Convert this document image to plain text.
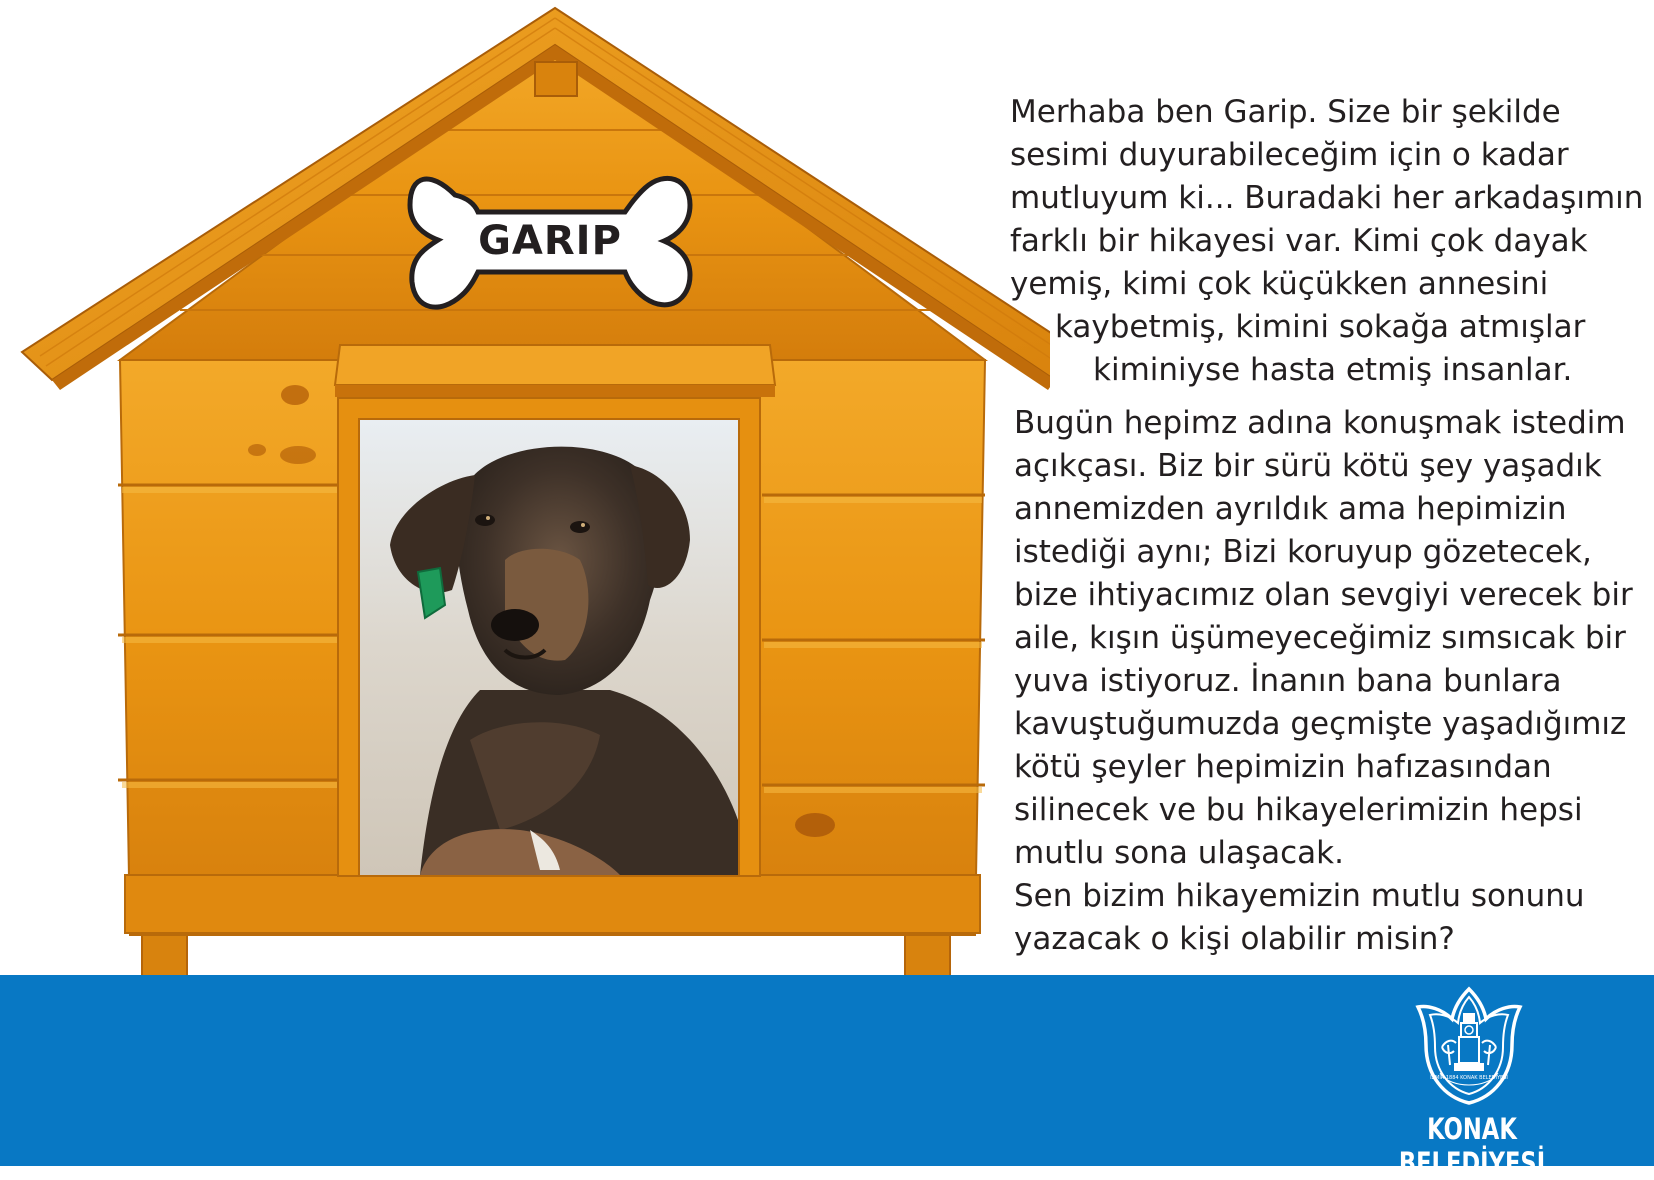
GARIP
Merhaba ben Garip. Size bir şekilde
sesimi duyurabileceğim için o kadar
mutluyum ki... Buradaki her arkadaşımın
farklı bir hikayesi var. Kimi çok dayak
yemiş, kimi çok küçükken annesini
kaybetmiş, kimini sokağa atmışlar
kiminiyse hasta etmiş insanlar.
Bugün hepimz adına konuşmak istedim
açıkçası. Biz bir sürü kötü şey yaşadık
annemizden ayrıldık ama hepimizin
istediği aynı; Bizi koruyup gözetecek,
bize ihtiyacımız olan sevgiyi verecek bir
aile, kışın üşümeyeceğimiz sımsıcak bir
yuva istiyoruz. İnanın bana bunlara
kavuştuğumuzda geçmişte yaşadığımız
kötü şeyler hepimizin hafızasından
silinecek ve bu hikayelerimizin hepsi
mutlu sona ulaşacak.
Sen bizim hikayemizin mutlu sonunu
yazacak o kişi olabilir misin?
İZMİR 1884 KONAK BELEDİYESİ
KONAK BELEDİYESİ
